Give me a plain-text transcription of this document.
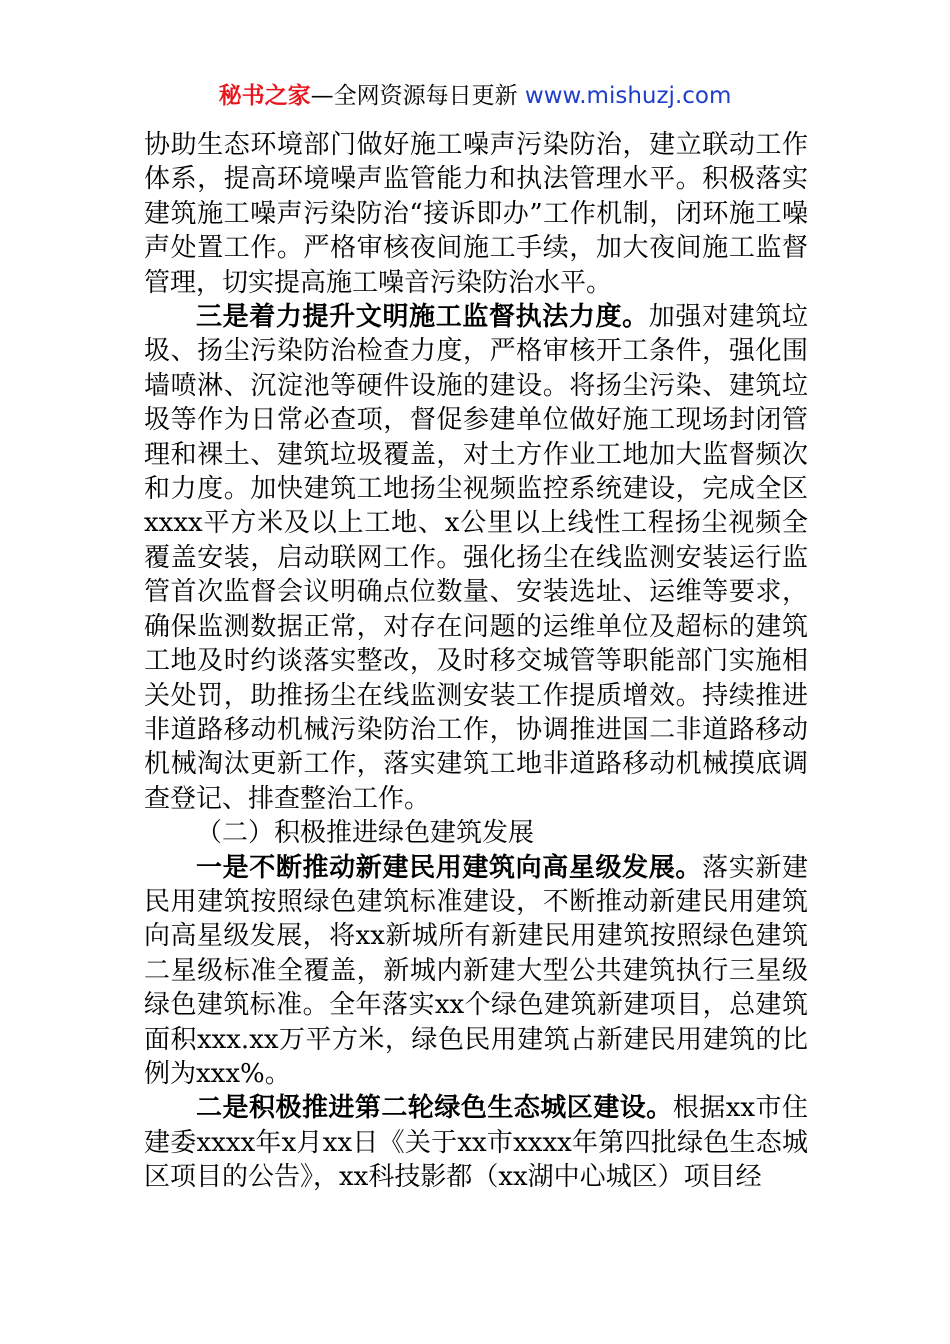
秘书之家—全网资源每日更新 www.mishuzj.com

协助生态环境部门做好施工噪声污染防治，建立联动工作体系，提高环境噪声监管能力和执法管理水平。积极落实建筑施工噪声污染防治“接诉即办”工作机制，闭环施工噪声处置工作。严格审核夜间施工手续，加大夜间施工监督管理，切实提高施工噪音污染防治水平。

三是着力提升文明施工监督执法力度。加强对建筑垃圾、扬尘污染防治检查力度，严格审核开工条件，强化围墙喷淋、沉淀池等硬件设施的建设。将扬尘污染、建筑垃圾等作为日常必查项，督促参建单位做好施工现场封闭管理和裸土、建筑垃圾覆盖，对土方作业工地加大监督频次和力度。加快建筑工地扬尘视频监控系统建设，完成全区xxxx平方米及以上工地、x公里以上线性工程扬尘视频全覆盖安装，启动联网工作。强化扬尘在线监测安装运行监管首次监督会议明确点位数量、安装选址、运维等要求，确保监测数据正常，对存在问题的运维单位及超标的建筑工地及时约谈落实整改，及时移交城管等职能部门实施相关处罚，助推扬尘在线监测安装工作提质增效。持续推进非道路移动机械污染防治工作，协调推进国二非道路移动机械淘汰更新工作，落实建筑工地非道路移动机械摸底调查登记、排查整治工作。

（二）积极推进绿色建筑发展

一是不断推动新建民用建筑向高星级发展。落实新建民用建筑按照绿色建筑标准建设，不断推动新建民用建筑向高星级发展，将xx新城所有新建民用建筑按照绿色建筑二星级标准全覆盖，新城内新建大型公共建筑执行三星级绿色建筑标准。全年落实xx个绿色建筑新建项目，总建筑面积xxx.xx万平方米，绿色民用建筑占新建民用建筑的比例为xxx%。

二是积极推进第二轮绿色生态城区建设。根据xx市住建委xxxx年x月xx日《关于xx市xxxx年第四批绿色生态城区项目的公告》，xx科技影都（xx湖中心城区）项目经
